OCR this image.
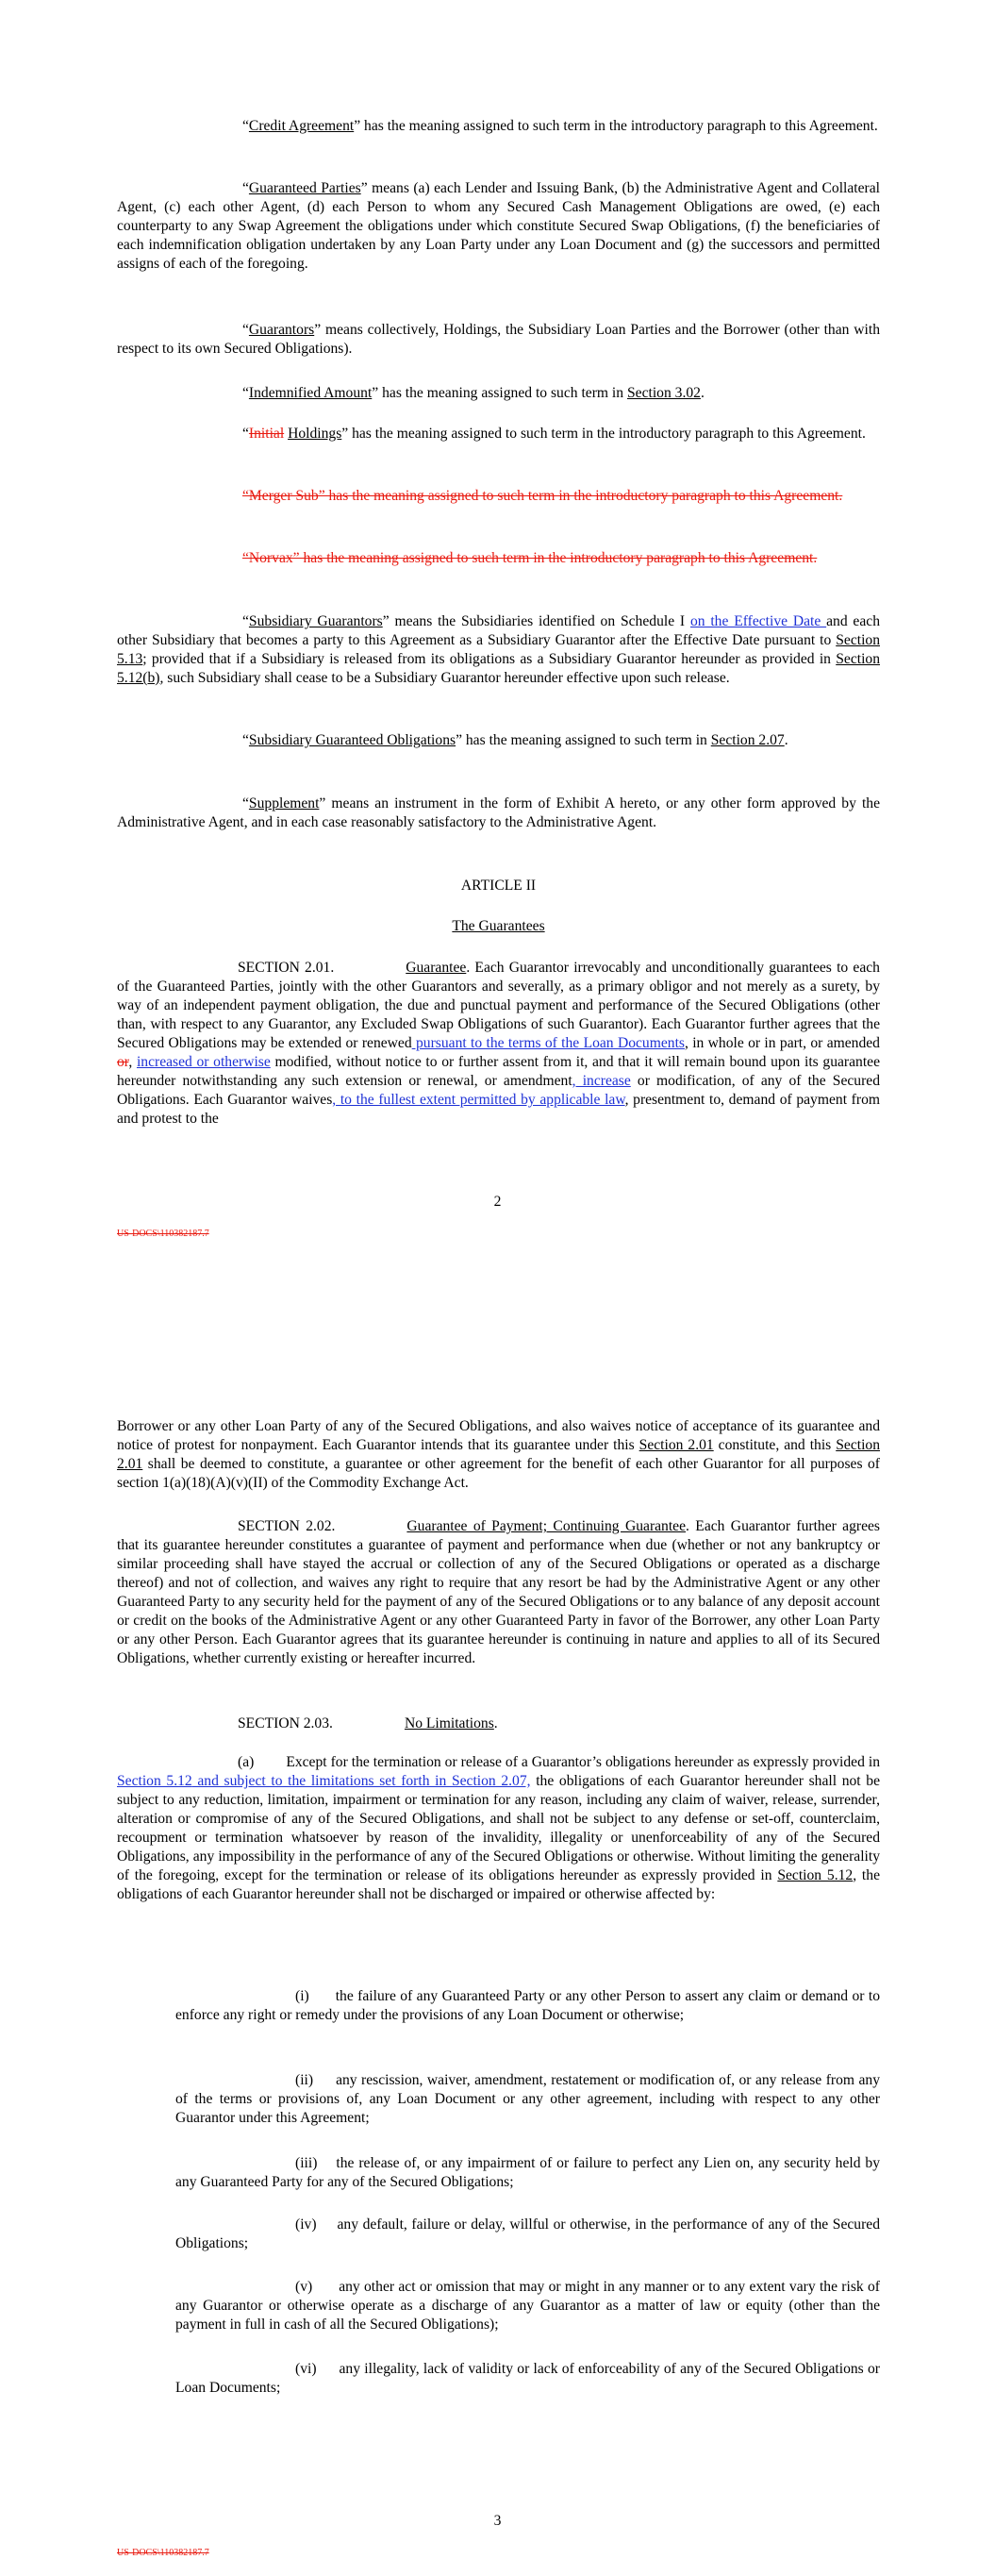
“Credit Agreement” has the meaning assigned to such term in the introductory paragraph to this Agreement.

“Guaranteed Parties” means (a) each Lender and Issuing Bank, (b) the Administrative Agent and Collateral Agent, (c) each other Agent, (d) each Person to whom any Secured Cash Management Obligations are owed, (e) each counterparty to any Swap Agreement the obligations under which constitute Secured Swap Obligations, (f) the beneficiaries of each indemnification obligation undertaken by any Loan Party under any Loan Document and (g) the successors and permitted assigns of each of the foregoing.

“Guarantors” means collectively, Holdings, the Subsidiary Loan Parties and the Borrower (other than with respect to its own Secured Obligations).

“Indemnified Amount” has the meaning assigned to such term in Section 3.02.

“Initial Holdings” has the meaning assigned to such term in the introductory paragraph to this Agreement.

“Merger Sub” has the meaning assigned to such term in the introductory paragraph to this Agreement.

“Norvax” has the meaning assigned to such term in the introductory paragraph to this Agreement.

“Subsidiary Guarantors” means the Subsidiaries identified on Schedule I on the Effective Date and each other Subsidiary that becomes a party to this Agreement as a Subsidiary Guarantor after the Effective Date pursuant to Section 5.13; provided that if a Subsidiary is released from its obligations as a Subsidiary Guarantor hereunder as provided in Section 5.12(b), such Subsidiary shall cease to be a Subsidiary Guarantor hereunder effective upon such release.

“Subsidiary Guaranteed Obligations” has the meaning assigned to such term in Section 2.07.

“Supplement” means an instrument in the form of Exhibit A hereto, or any other form approved by the Administrative Agent, and in each case reasonably satisfactory to the Administrative Agent.

ARTICLE II

The Guarantees

SECTION 2.01.	Guarantee. Each Guarantor irrevocably and unconditionally guarantees to each of the Guaranteed Parties, jointly with the other Guarantors and severally, as a primary obligor and not merely as a surety, by way of an independent payment obligation, the due and punctual payment and performance of the Secured Obligations (other than, with respect to any Guarantor, any Excluded Swap Obligations of such Guarantor). Each Guarantor further agrees that the Secured Obligations may be extended or renewed pursuant to the terms of the Loan Documents, in whole or in part, or amended or, increased or otherwise modified, without notice to or further assent from it, and that it will remain bound upon its guarantee hereunder notwithstanding any such extension or renewal, or amendment, increase or modification, of any of the Secured Obligations. Each Guarantor waives, to the fullest extent permitted by applicable law, presentment to, demand of payment from and protest to the

2
US-DOCS\110382187.7

Borrower or any other Loan Party of any of the Secured Obligations, and also waives notice of acceptance of its guarantee and notice of protest for nonpayment. Each Guarantor intends that its guarantee under this Section 2.01 constitute, and this Section 2.01 shall be deemed to constitute, a guarantee or other agreement for the benefit of each other Guarantor for all purposes of section 1(a)(18)(A)(v)(II) of the Commodity Exchange Act.

SECTION 2.02.	Guarantee of Payment; Continuing Guarantee. Each Guarantor further agrees that its guarantee hereunder constitutes a guarantee of payment and performance when due (whether or not any bankruptcy or similar proceeding shall have stayed the accrual or collection of any of the Secured Obligations or operated as a discharge thereof) and not of collection, and waives any right to require that any resort be had by the Administrative Agent or any other Guaranteed Party to any security held for the payment of any of the Secured Obligations or to any balance of any deposit account or credit on the books of the Administrative Agent or any other Guaranteed Party in favor of the Borrower, any other Loan Party or any other Person. Each Guarantor agrees that its guarantee hereunder is continuing in nature and applies to all of its Secured Obligations, whether currently existing or hereafter incurred.

SECTION 2.03.	No Limitations.

(a) Except for the termination or release of a Guarantor’s obligations hereunder as expressly provided in Section 5.12 and subject to the limitations set forth in Section 2.07, the obligations of each Guarantor hereunder shall not be subject to any reduction, limitation, impairment or termination for any reason, including any claim of waiver, release, surrender, alteration or compromise of any of the Secured Obligations, and shall not be subject to any defense or set-off, counterclaim, recoupment or termination whatsoever by reason of the invalidity, illegality or unenforceability of any of the Secured Obligations, any impossibility in the performance of any of the Secured Obligations or otherwise. Without limiting the generality of the foregoing, except for the termination or release of its obligations hereunder as expressly provided in Section 5.12, the obligations of each Guarantor hereunder shall not be discharged or impaired or otherwise affected by:

(i) the failure of any Guaranteed Party or any other Person to assert any claim or demand or to enforce any right or remedy under the provisions of any Loan Document or otherwise;

(ii) any rescission, waiver, amendment, restatement or modification of, or any release from any of the terms or provisions of, any Loan Document or any other agreement, including with respect to any other Guarantor under this Agreement;

(iii) the release of, or any impairment of or failure to perfect any Lien on, any security held by any Guaranteed Party for any of the Secured Obligations;

(iv) any default, failure or delay, willful or otherwise, in the performance of any of the Secured Obligations;

(v) any other act or omission that may or might in any manner or to any extent vary the risk of any Guarantor or otherwise operate as a discharge of any Guarantor as a matter of law or equity (other than the payment in full in cash of all the Secured Obligations);

(vi) any illegality, lack of validity or lack of enforceability of any of the Secured Obligations or Loan Documents;

3
US-DOCS\110382187.7
